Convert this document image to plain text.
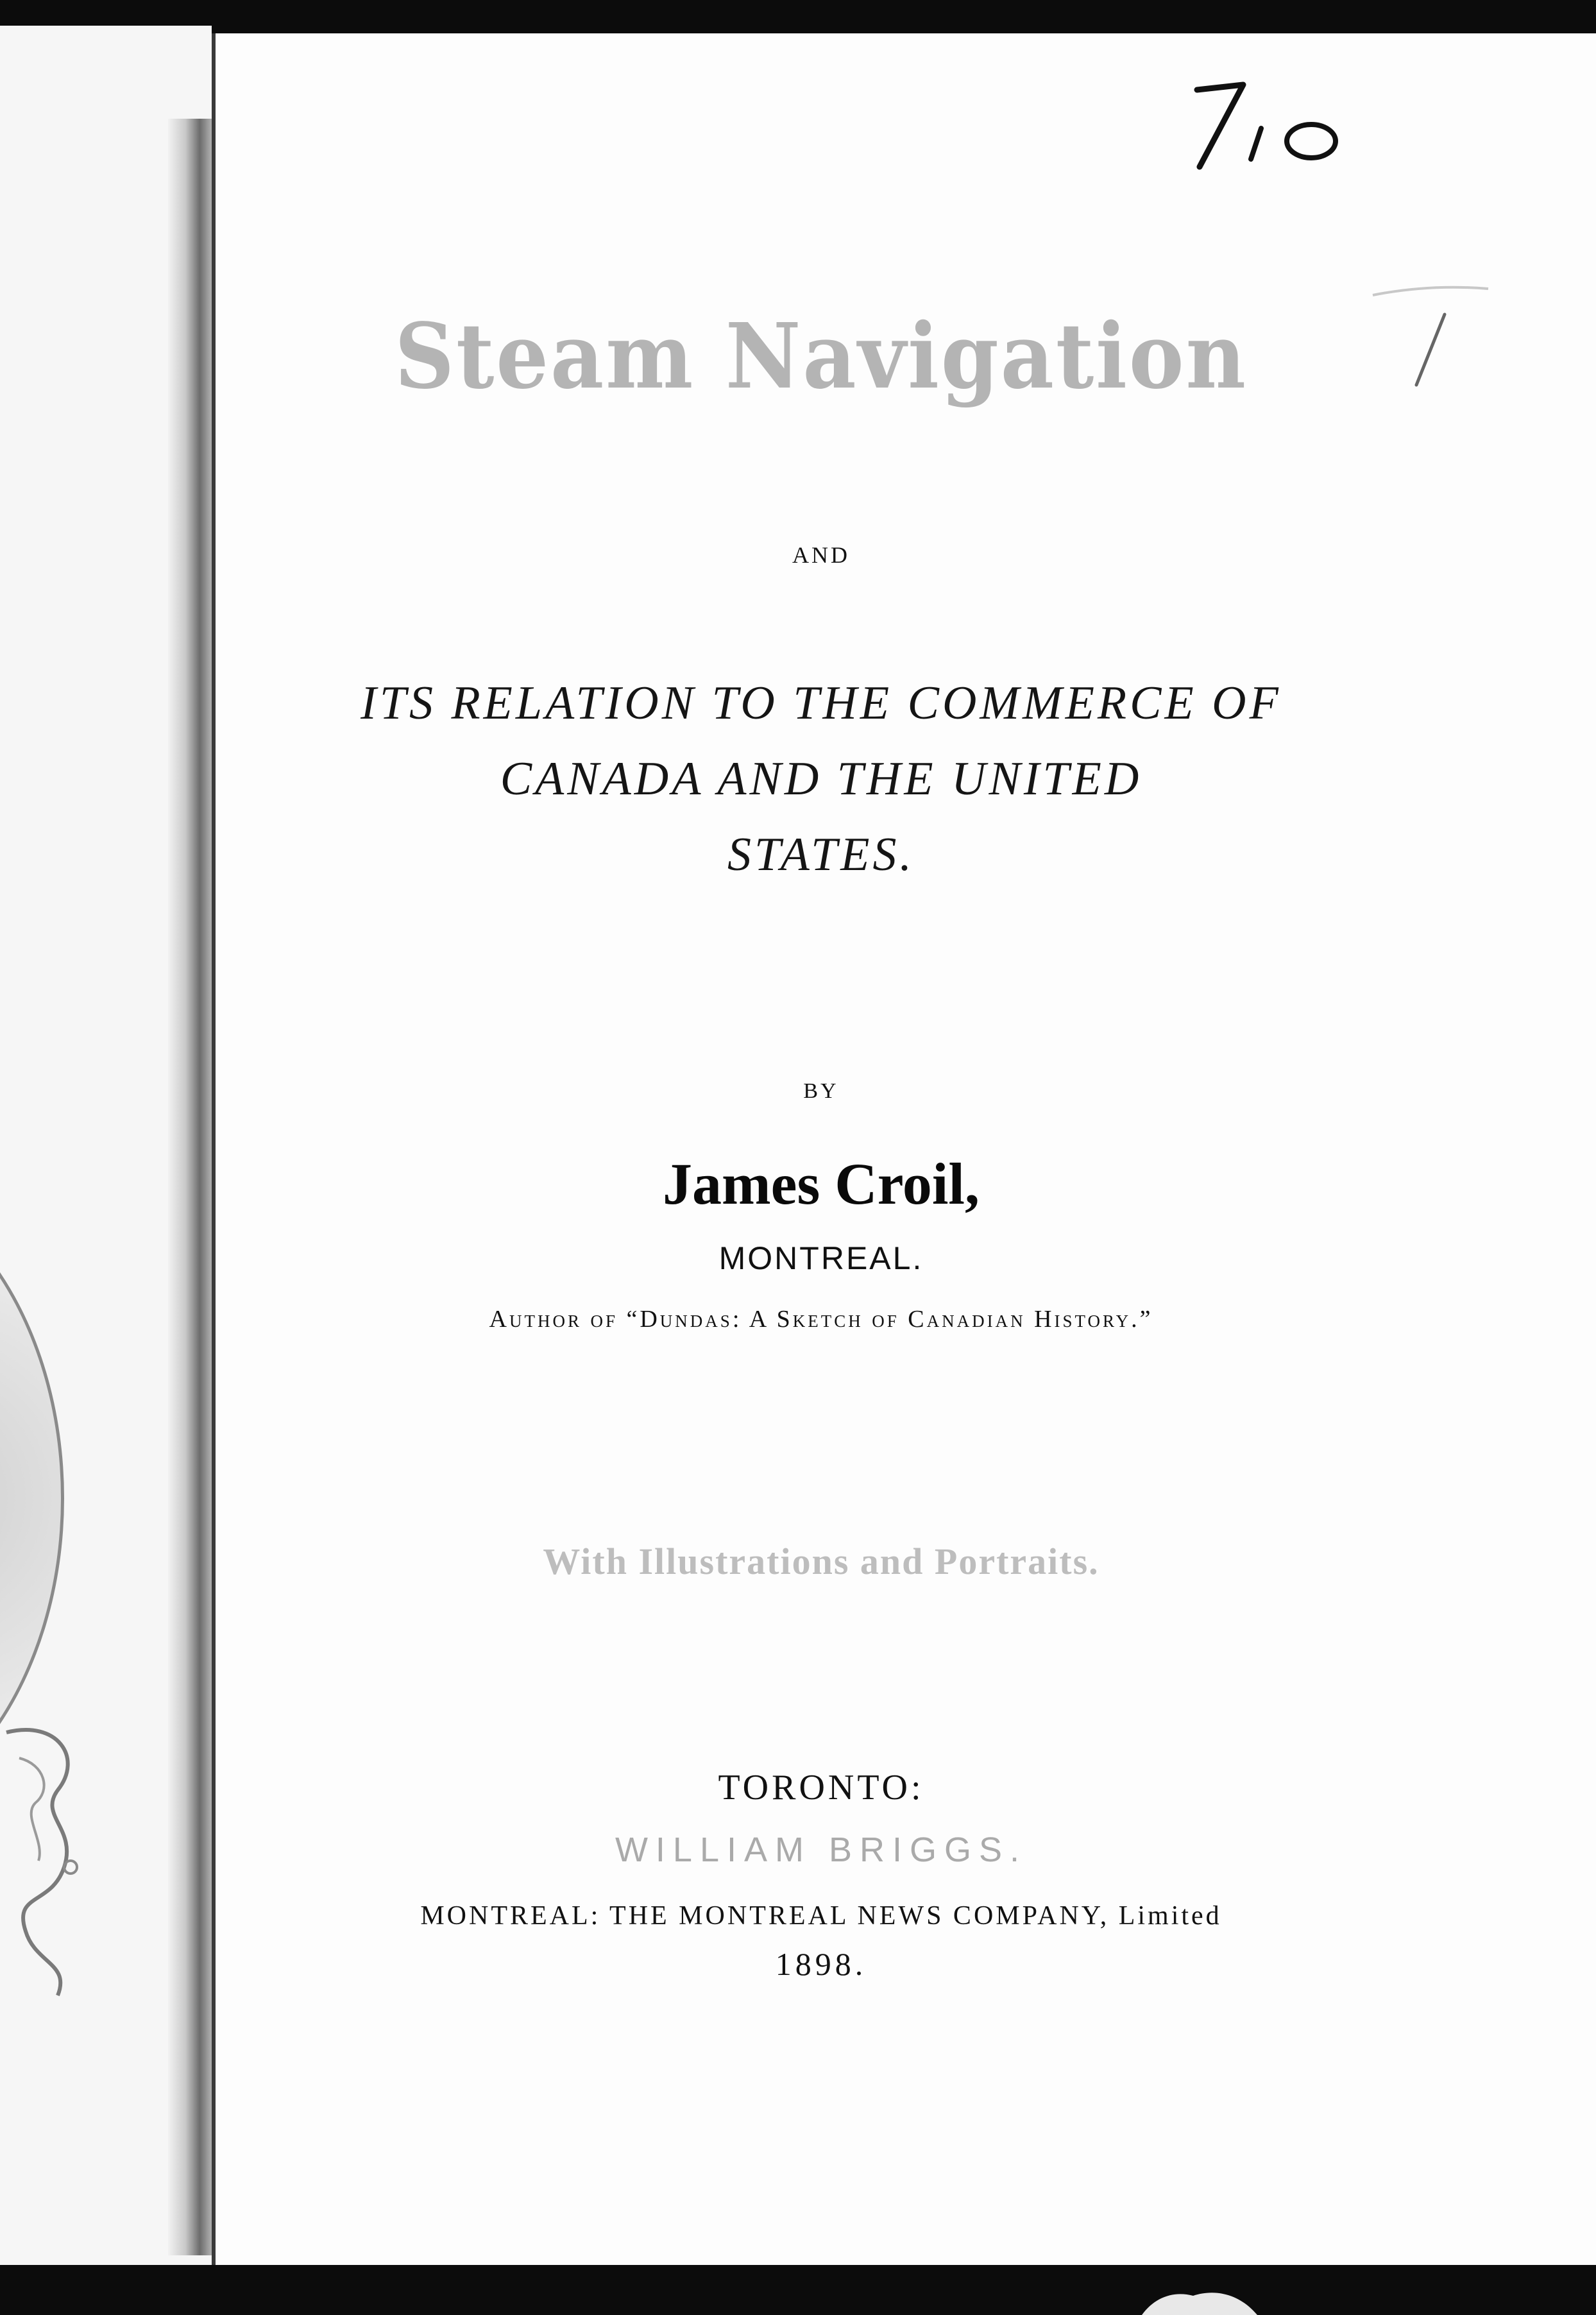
Steam Navigation
AND
ITS RELATION TO THE COMMERCE OF
CANADA AND THE UNITED
STATES.
BY
James Croil,
MONTREAL.
Author of “Dundas: A Sketch of Canadian History.”
With Illustrations and Portraits.
TORONTO:
WILLIAM BRIGGS.
MONTREAL: THE MONTREAL NEWS COMPANY, Limited
1898.
